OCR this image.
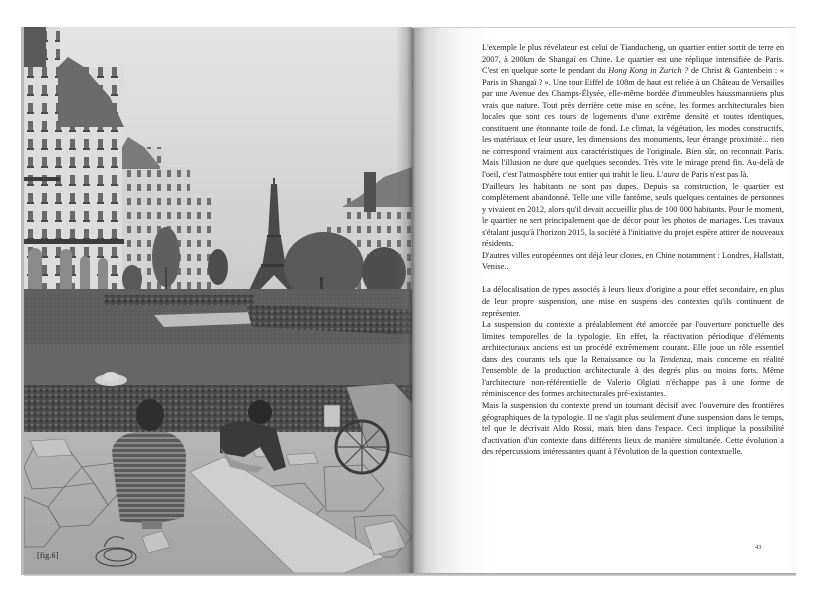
[fig.6]

L'exemple le plus révélateur est celui de Tianducheng, un quartier entier sortit de terre en 2007, à 200km de Shangaï en Chine. Le quartier est une réplique intensifiée de Paris. C'est en quelque sorte le pendant du Hong Kong in Zurich ? de Christ & Gantenbein : « Paris in Shangaï ? ». Une tour Eiffel de 108m de haut est reliée à un Château de Versailles par une Avenue des Champs-Élysée, elle-même bordée d'immeubles haussmanniens plus vrais que nature. Tout près derrière cette mise en scène, les formes architecturales bien locales que sont ces tours de logements d'une extrême densité et toutes identiques, constituent une étonnante toile de fond. Le climat, la végétation, les modes constructifs, les matériaux et leur usure, les dimensions des monuments, leur étrange proximité... rien ne correspond vraiment aux caractéristiques de l'originale. Bien sûr, on reconnait Paris. Mais l'illusion ne dure que quelques secondes. Très vite le mirage prend fin. Au-delà de l'oeil, c'est l'atmosphère tout entier qui trahit le lieu. L'aura de Paris n'est pas là.

D'ailleurs les habitants ne sont pas dupes. Depuis sa construction, le quartier est complètement abandonné. Telle une ville fantôme, seuls quelques centaines de personnes y vivaient en 2012, alors qu'il devait accueillir plus de 100 000 habitants. Pour le moment, le quartier ne sert principalement que de décor pour les photos de mariages. Les travaux s'étalant jusqu'à l'horizon 2015, la société à l'initiative du projet espère attirer de nouveaux résidents.

D'autres villes européennes ont déjà leur clones, en Chine notamment : Londres, Hallstatt, Venise..

La délocalisation de types associés à leurs lieux d'origine a pour effet secondaire, en plus de leur propre suspension, une mise en suspens des contextes qu'ils continuent de représenter.

La suspension du contexte a préalablement été amorcée par l'ouverture ponctuelle des limites temporelles de la typologie. En effet, la réactivation périodique d'éléments architecturaux anciens est un procédé extrêmement courant. Elle joue un rôle essentiel dans des courants tels que la Renaissance ou la Tendenza, mais concerne en réalité l'ensemble de la production architecturale à des degrés plus ou moins forts. Même l'architecture non-référentielle de Valerio Olgiati n'échappe pas à une forme de réminiscence des formes architecturales pré-existantes.

Mais la suspension du contexte prend un tournant décisif avec l'ouverture des frontières géographiques de la typologie. Il ne s'agit plus seulement d'une suspension dans le temps, tel que le décrivait Aldo Rossi, mais bien dans l'espace. Ceci implique la possibilité d'activation d'un contexte dans différents lieux de manière simultanée. Cette évolution a des répercussions intéressantes quant à l'évolution de la question contextuelle.

43
